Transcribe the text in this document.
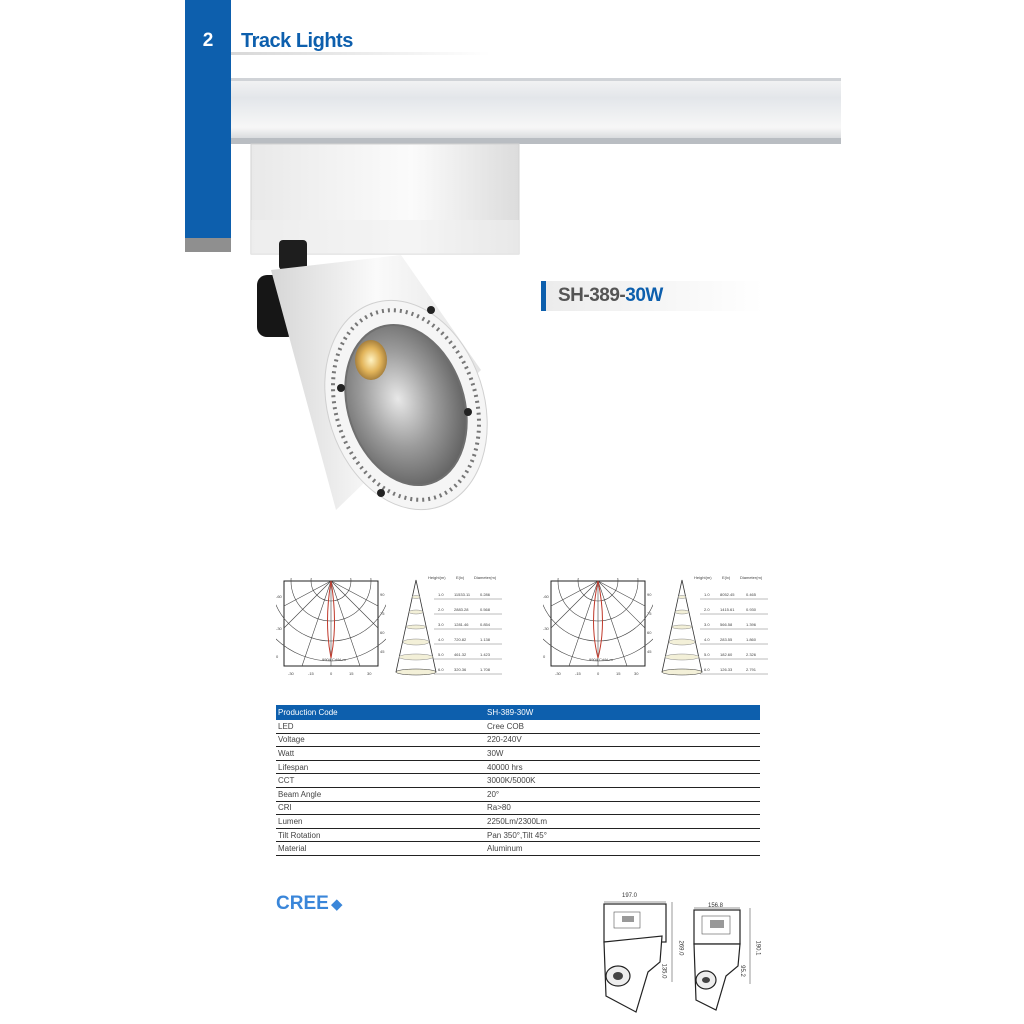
2	Track Lights
SH-389-30W
-60
-30
0
90
75
60
45
9904 Cd/kLm
-30	-15	0	15	30
Height(m)	E(lx) Diameter(m)
1.0	11533.11 0.286
2.0	2883.28	0.568
3.0	1281.46	0.854
4.0	720.82	1.138
5.0	461.32	1.423
6.0	320.36	1.708
-60
-30
0
90
75
60
45
9904 Cd/kLm
-30	-15	0	15	30
Height(m)	E(lx) Diameter(m)
1.0	8052.45	0.465
2.0	1415.61	0.930
3.0	566.58	1.396
4.0	283.55	1.860
5.0	182.60	2.326
6.0	126.33	2.791
Production Code	SH-389-30W
LED	Cree COB
Voltage	220-240V
Watt	30W
Lifespan	40000 hrs
CCT	3000K/5000K
Beam Angle	20°
CRI	Ra>80
Lumen	2250Lm/2300Lm
Tilt Rotation	Pan 350°,Tilt 45°
Material	Aluminum
CREE ◆	197.0
269.0
135.0
156.8
190.1
95.2
